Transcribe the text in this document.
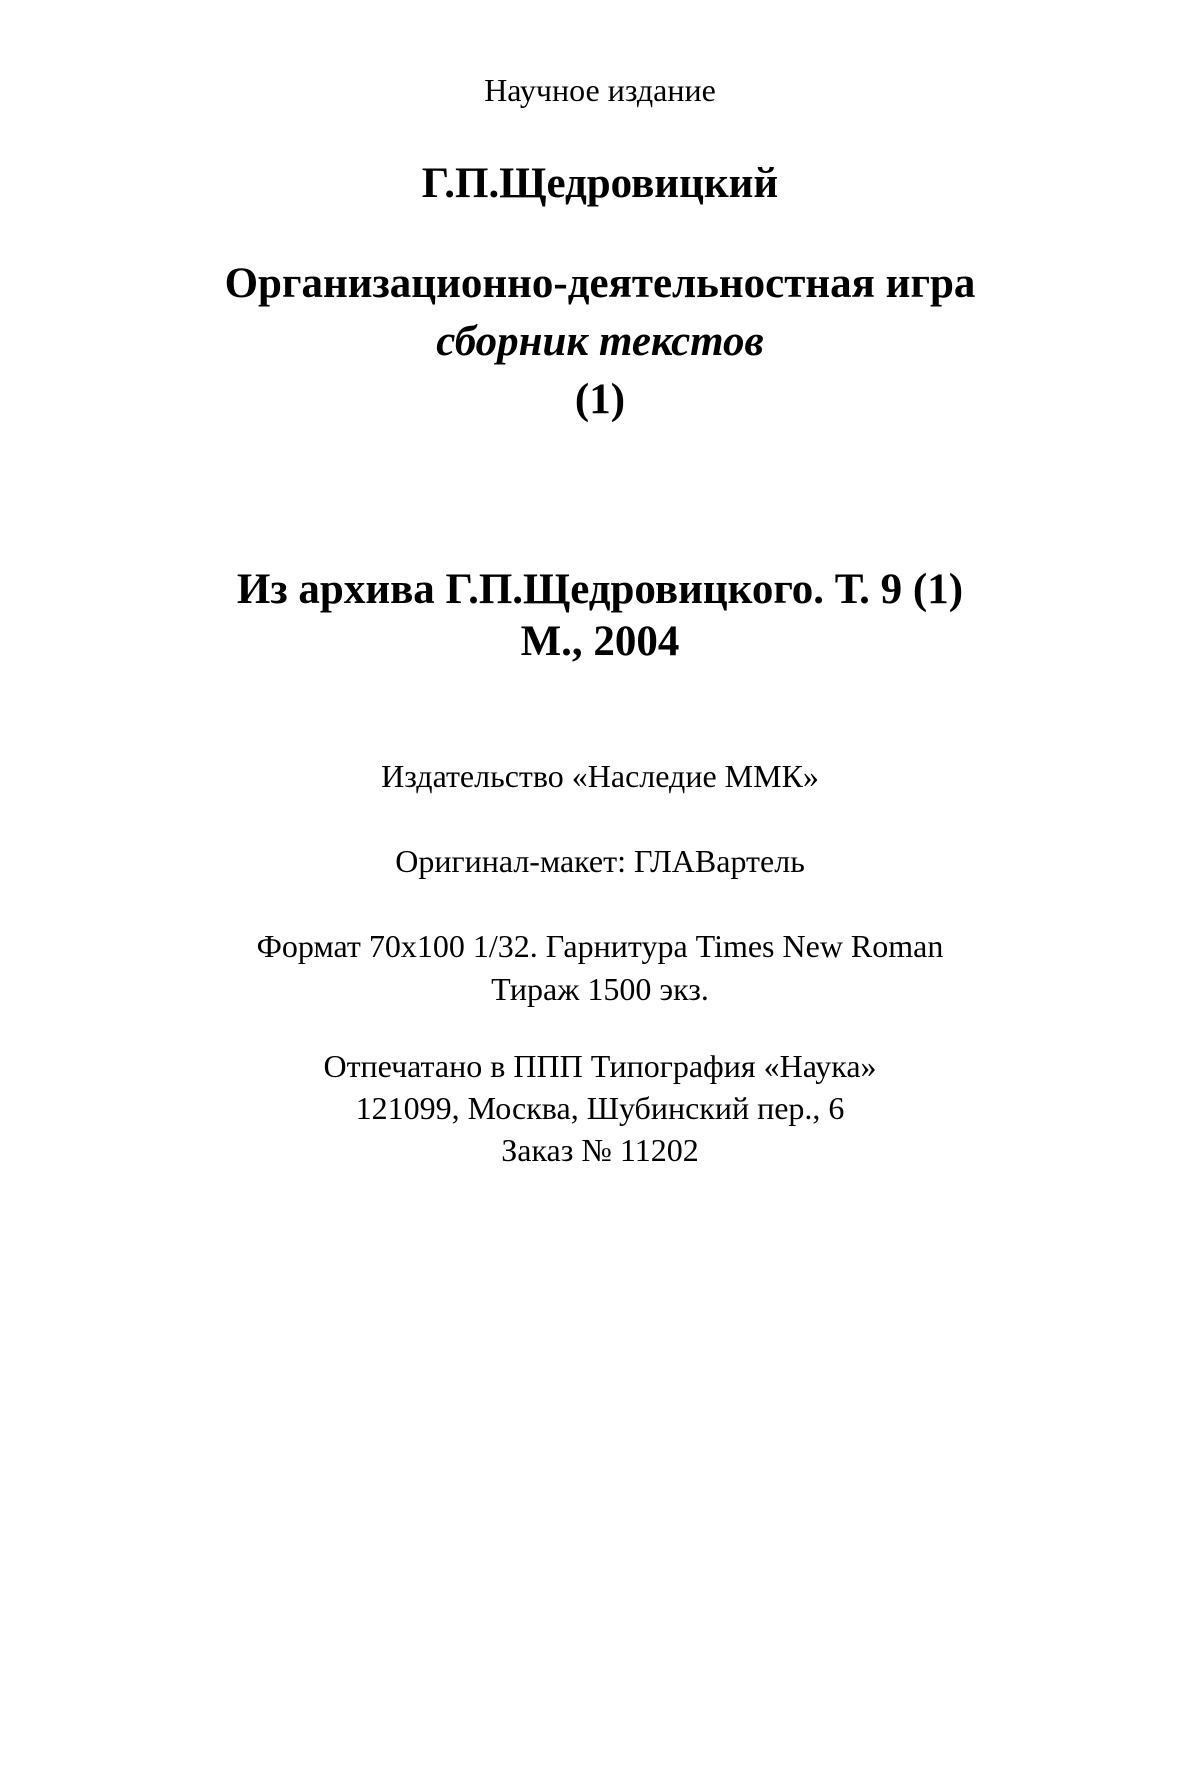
Научное издание
Г.П.Щедровицкий
Организационно-деятельностная игра
сборник текстов
(1)
Из архива Г.П.Щедровицкого. Т. 9 (1)
М., 2004
Издательство «Наследие ММК»
Оригинал-макет: ГЛАВартель
Формат 70x100 1/32. Гарнитура Times New Roman
Тираж 1500 экз.
Отпечатано в ППП Типография «Наука»
121099, Москва, Шубинский пер., 6
Заказ № 11202
